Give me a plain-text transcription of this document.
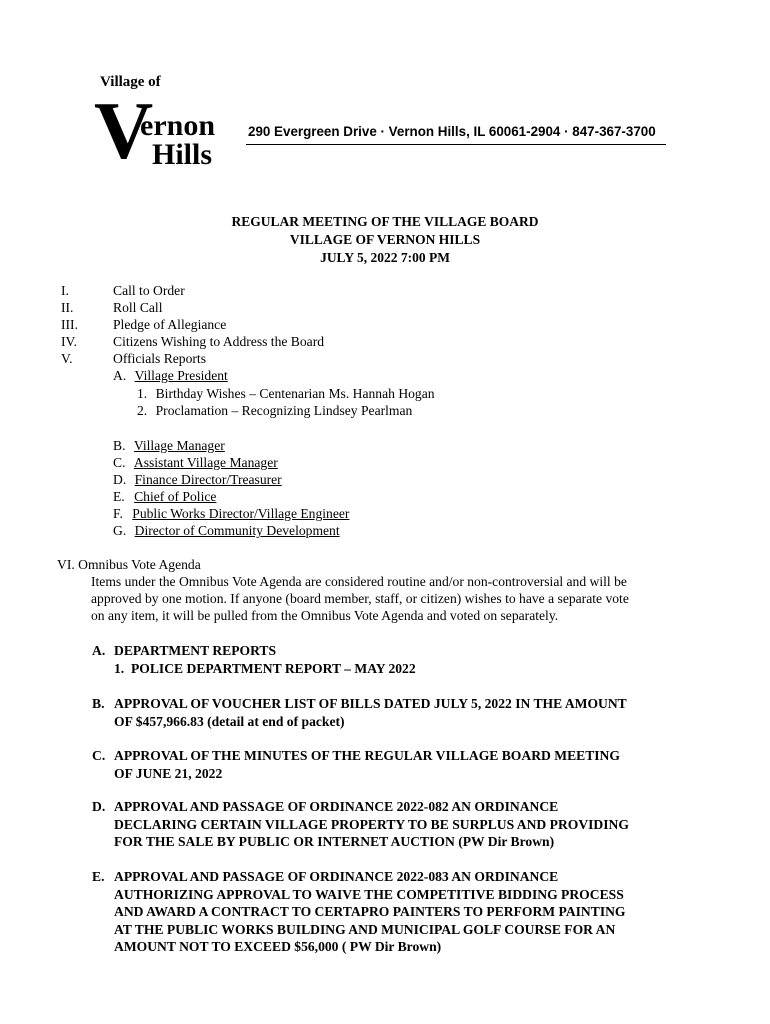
Village of
V
ernon
Hills
290 Evergreen Drive · Vernon Hills, IL 60061-2904 · 847-367-3700
REGULAR MEETING OF THE VILLAGE BOARD
VILLAGE OF VERNON HILLS
JULY 5, 2022 7:00 PM
I.	Call to Order
II.	Roll Call
III.	Pledge of Allegiance
IV.	Citizens Wishing to Address the Board
V.	Officials Reports
A. Village President
1. Birthday Wishes – Centenarian Ms. Hannah Hogan
2. Proclamation – Recognizing Lindsey Pearlman
B. Village Manager
C. Assistant Village Manager
D. Finance Director/Treasurer
E. Chief of Police
F. Public Works Director/Village Engineer
G. Director of Community Development
VI. Omnibus Vote Agenda
Items under the Omnibus Vote Agenda are considered routine and/or non-controversial and will be
approved by one motion. If anyone (board member, staff, or citizen) wishes to have a separate vote
on any item, it will be pulled from the Omnibus Vote Agenda and voted on separately.
A. DEPARTMENT REPORTS
1.  POLICE DEPARTMENT REPORT – MAY 2022
B. APPROVAL OF VOUCHER LIST OF BILLS DATED JULY 5, 2022 IN THE AMOUNT
OF $457,966.83 (detail at end of packet)
C. APPROVAL OF THE MINUTES OF THE REGULAR VILLAGE BOARD MEETING
OF JUNE 21, 2022
D. APPROVAL AND PASSAGE OF ORDINANCE 2022-082 AN ORDINANCE
DECLARING CERTAIN VILLAGE PROPERTY TO BE SURPLUS AND PROVIDING
FOR THE SALE BY PUBLIC OR INTERNET AUCTION (PW Dir Brown)
E. APPROVAL AND PASSAGE OF ORDINANCE 2022-083 AN ORDINANCE
AUTHORIZING APPROVAL TO WAIVE THE COMPETITIVE BIDDING PROCESS
AND AWARD A CONTRACT TO CERTAPRO PAINTERS TO PERFORM PAINTING
AT THE PUBLIC WORKS BUILDING AND MUNICIPAL GOLF COURSE FOR AN
AMOUNT NOT TO EXCEED $56,000 ( PW Dir Brown)
